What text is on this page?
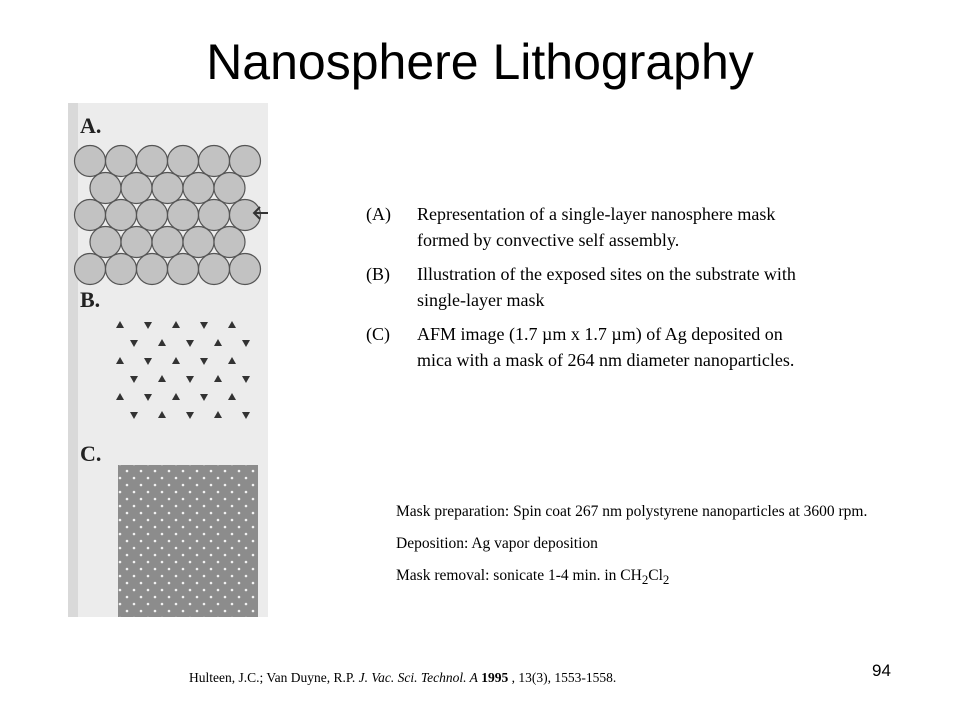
Nanosphere Lithography
A.
B.
C.
(A)	Representation of a single-layer nanosphere mask formed by convective self assembly.
(B)	Illustration of the exposed sites on the substrate with single-layer mask
(C)	AFM image (1.7 µm x 1.7 µm) of Ag deposited on mica with a mask of 264 nm diameter nanoparticles.

Mask preparation: Spin coat 267 nm polystyrene nanoparticles at 3600 rpm.

Deposition: Ag vapor deposition

Mask removal: sonicate 1-4 min. in $CH_2Cl_2$

Hulteen, J.C.; Van Duyne, R.P. J. Vac. Sci. Technol. A 1995 , 13(3), 1553-1558.	94
